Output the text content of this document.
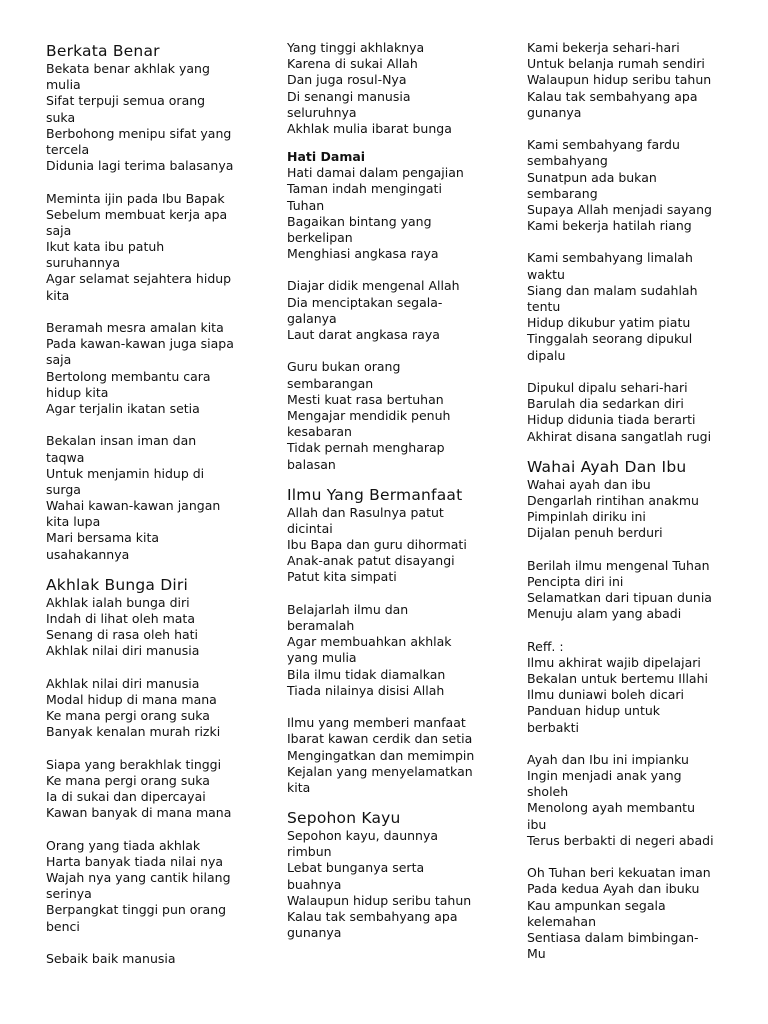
Berkata Benar
Bekata benar akhlak yang
mulia
Sifat terpuji semua orang
suka
Berbohong menipu sifat yang
tercela
Didunia lagi terima balasanya
Meminta ijin pada Ibu Bapak
Sebelum membuat kerja apa
saja
Ikut kata ibu patuh
suruhannya
Agar selamat sejahtera hidup
kita
Beramah mesra amalan kita
Pada kawan-kawan juga siapa
saja
Bertolong membantu cara
hidup kita
Agar terjalin ikatan setia
Bekalan insan iman dan
taqwa
Untuk menjamin hidup di
surga
Wahai kawan-kawan jangan
kita lupa
Mari bersama kita
usahakannya
Akhlak Bunga Diri
Akhlak ialah bunga diri
Indah di lihat oleh mata
Senang di rasa oleh hati
Akhlak nilai diri manusia
Akhlak nilai diri manusia
Modal hidup di mana mana
Ke mana pergi orang suka
Banyak kenalan murah rizki
Siapa yang berakhlak tinggi
Ke mana pergi orang suka
Ia di sukai dan dipercayai
Kawan banyak di mana mana
Orang yang tiada akhlak
Harta banyak tiada nilai nya
Wajah nya yang cantik hilang
serinya
Berpangkat tinggi pun orang
benci
Sebaik baik manusia
Yang tinggi akhlaknya
Karena di sukai Allah
Dan juga rosul-Nya
Di senangi manusia
seluruhnya
Akhlak mulia ibarat bunga
Hati Damai
Hati damai dalam pengajian
Taman indah mengingati
Tuhan
Bagaikan bintang yang
berkelipan
Menghiasi angkasa raya
Diajar didik mengenal Allah
Dia menciptakan segala-
galanya
Laut darat angkasa raya
Guru bukan orang
sembarangan
Mesti kuat rasa bertuhan
Mengajar mendidik penuh
kesabaran
Tidak pernah mengharap
balasan
Ilmu Yang Bermanfaat
Allah dan Rasulnya patut
dicintai
Ibu Bapa dan guru dihormati
Anak-anak patut disayangi
Patut kita simpati
Belajarlah ilmu dan
beramalah
Agar membuahkan akhlak
yang mulia
Bila ilmu tidak diamalkan
Tiada nilainya disisi Allah
Ilmu yang memberi manfaat
Ibarat kawan cerdik dan setia
Mengingatkan dan memimpin
Kejalan yang menyelamatkan
kita
Sepohon Kayu
Sepohon kayu, daunnya
rimbun
Lebat bunganya serta
buahnya
Walaupun hidup seribu tahun
Kalau tak sembahyang apa
gunanya
Kami bekerja sehari-hari
Untuk belanja rumah sendiri
Walaupun hidup seribu tahun
Kalau tak sembahyang apa
gunanya
Kami sembahyang fardu
sembahyang
Sunatpun ada bukan
sembarang
Supaya Allah menjadi sayang
Kami bekerja hatilah riang
Kami sembahyang limalah
waktu
Siang dan malam sudahlah
tentu
Hidup dikubur yatim piatu
Tinggalah seorang dipukul
dipalu
Dipukul dipalu sehari-hari
Barulah dia sedarkan diri
Hidup didunia tiada berarti
Akhirat disana sangatlah rugi
Wahai Ayah Dan Ibu
Wahai ayah dan ibu
Dengarlah rintihan anakmu
Pimpinlah diriku ini
Dijalan penuh berduri
Berilah ilmu mengenal Tuhan
Pencipta diri ini
Selamatkan dari tipuan dunia
Menuju alam yang abadi
Reff. :
Ilmu akhirat wajib dipelajari
Bekalan untuk bertemu Illahi
Ilmu duniawi boleh dicari
Panduan hidup untuk
berbakti
Ayah dan Ibu ini impianku
Ingin menjadi anak yang
sholeh
Menolong ayah membantu
ibu
Terus berbakti di negeri abadi
Oh Tuhan beri kekuatan iman
Pada kedua Ayah dan ibuku
Kau ampunkan segala
kelemahan
Sentiasa dalam bimbingan-
Mu
